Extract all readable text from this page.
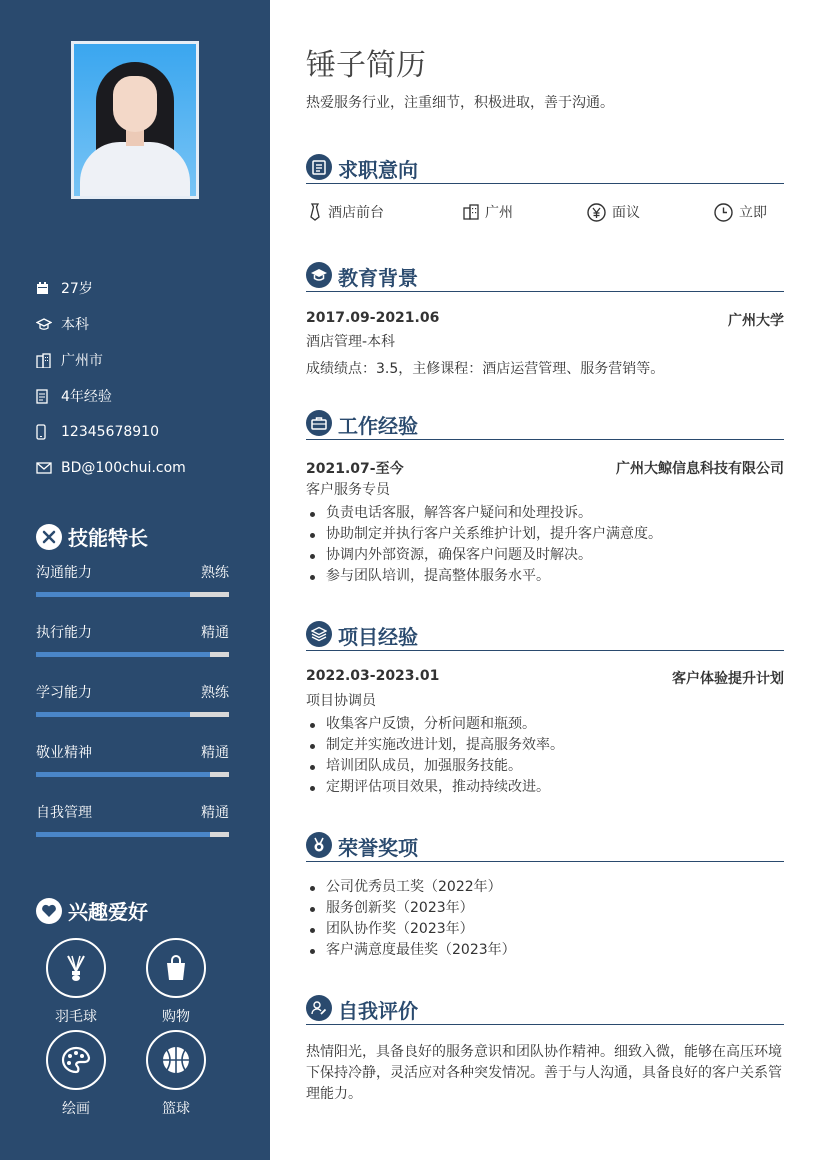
27岁
本科
广州市
4年经验
12345678910
BD@100chui.com
技能特长
沟通能力	熟练
执行能力	精通
学习能力	熟练
敬业精神	精通
自我管理	精通
兴趣爱好
羽毛球	购物
绘画	篮球
锤子简历
热爱服务行业，注重细节，积极进取，善于沟通。
求职意向
酒店前台	广州	面议	立即
教育背景
2017.09-2021.06	广州大学
酒店管理-本科
成绩绩点：3.5，主修课程：酒店运营管理、服务营销等。
工作经验
2021.07-至今	广州大鲸信息科技有限公司
客户服务专员
负责电话客服，解答客户疑问和处理投诉。
协助制定并执行客户关系维护计划，提升客户满意度。
协调内外部资源，确保客户问题及时解决。
参与团队培训，提高整体服务水平。
项目经验
2022.03-2023.01	客户体验提升计划
项目协调员
收集客户反馈，分析问题和瓶颈。
制定并实施改进计划，提高服务效率。
培训团队成员，加强服务技能。
定期评估项目效果，推动持续改进。
荣誉奖项
公司优秀员工奖（2022年）
服务创新奖（2023年）
团队协作奖（2023年）
客户满意度最佳奖（2023年）
自我评价
热情阳光，具备良好的服务意识和团队协作精神。细致入微，能够在高压环境下保持冷静，灵活应对各种突发情况。善于与人沟通，具备良好的客户关系管理能力。
